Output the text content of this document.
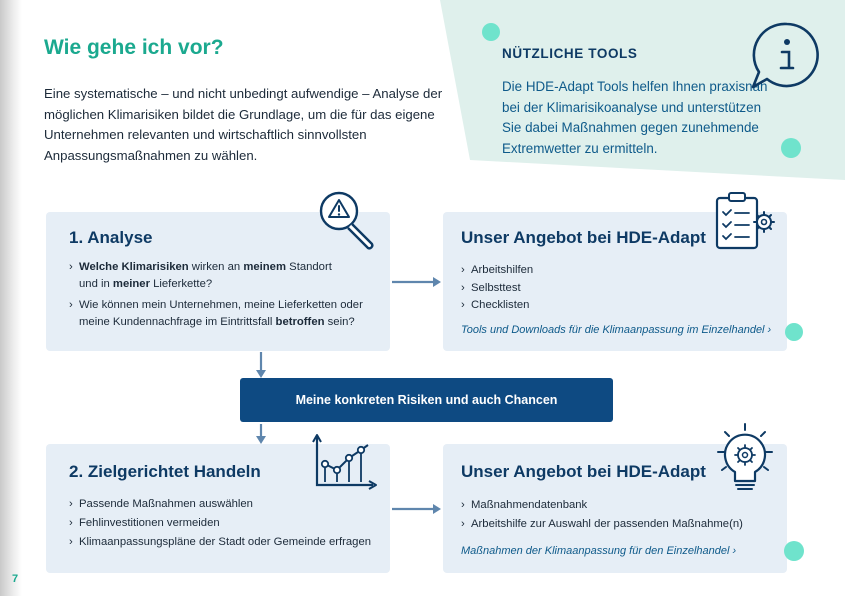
Wie gehe ich vor?
Eine systematische – und nicht unbedingt aufwendige – Analyse der möglichen Klimarisiken bildet die Grundlage, um die für das eigene Unternehmen relevanten und wirtschaftlich sinnvollsten Anpassungsmaßnahmen zu wählen.
NÜTZLICHE TOOLS
Die HDE-Adapt Tools helfen Ihnen praxisnah bei der Klimarisikoanalyse und unterstützen Sie dabei Maßnahmen gegen zunehmende Extremwetter zu ermitteln.
1. Analyse
› Welche Klimarisiken wirken an meinem Standort
und in meiner Lieferkette?
› Wie können mein Unternehmen, meine Lieferketten oder
meine Kundennachfrage im Eintrittsfall betroffen sein?
Unser Angebot bei HDE-Adapt
› Arbeitshilfen
› Selbsttest
› Checklisten
Tools und Downloads für die Klimaanpassung im Einzelhandel ›
Meine konkreten Risiken und auch Chancen
2. Zielgerichtet Handeln
› Passende Maßnahmen auswählen
› Fehlinvestitionen vermeiden
› Klimaanpassungspläne der Stadt oder Gemeinde erfragen
Unser Angebot bei HDE-Adapt
› Maßnahmendatenbank
› Arbeitshilfe zur Auswahl der passenden Maßnahme(n)
Maßnahmen der Klimaanpassung für den Einzelhandel ›
7
